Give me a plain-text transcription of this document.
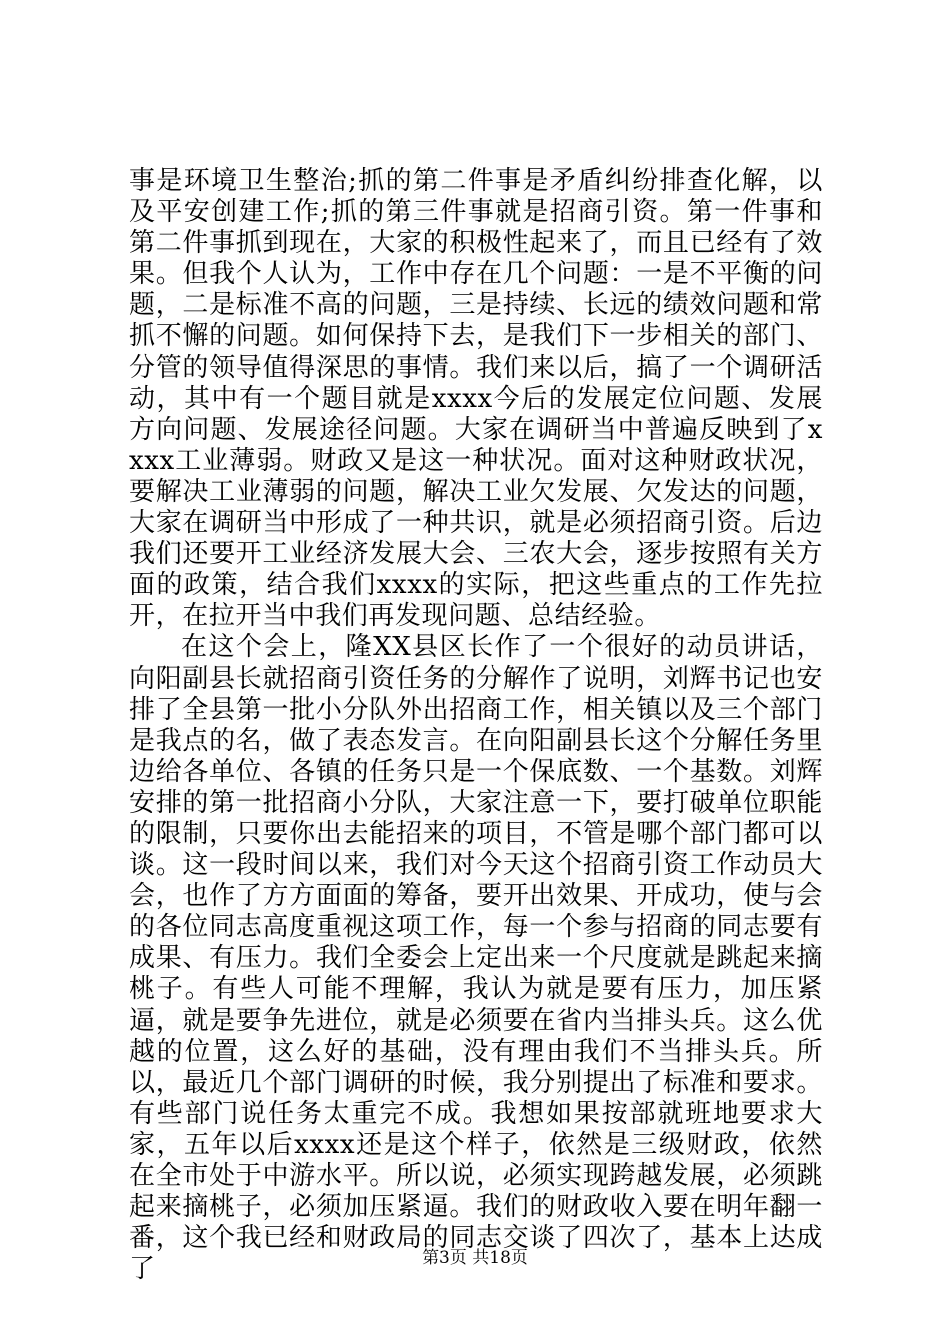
事是环境卫生整治;抓的第二件事是矛盾纠纷排查化解，以及平安创建工作;抓的第三件事就是招商引资。第一件事和第二件事抓到现在，大家的积极性起来了，而且已经有了效果。但我个人认为，工作中存在几个问题：一是不平衡的问题，二是标准不高的问题，三是持续、长远的绩效问题和常抓不懈的问题。如何保持下去，是我们下一步相关的部门、分管的领导值得深思的事情。我们来以后，搞了一个调研活动，其中有一个题目就是xxxx今后的发展定位问题、发展方向问题、发展途径问题。大家在调研当中普遍反映到了xxxx工业薄弱。财政又是这一种状况。面对这种财政状况，要解决工业薄弱的问题，解决工业欠发展、欠发达的问题，大家在调研当中形成了一种共识，就是必须招商引资。后边我们还要开工业经济发展大会、三农大会，逐步按照有关方面的政策，结合我们xxxx的实际，把这些重点的工作先拉开，在拉开当中我们再发现问题、总结经验。

在这个会上，隆XX县区长作了一个很好的动员讲话，向阳副县长就招商引资任务的分解作了说明，刘辉书记也安排了全县第一批小分队外出招商工作，相关镇以及三个部门是我点的名，做了表态发言。在向阳副县长这个分解任务里边给各单位、各镇的任务只是一个保底数、一个基数。刘辉安排的第一批招商小分队，大家注意一下，要打破单位职能的限制，只要你出去能招来的项目，不管是哪个部门都可以谈。这一段时间以来，我们对今天这个招商引资工作动员大会，也作了方方面面的筹备，要开出效果、开成功，使与会的各位同志高度重视这项工作，每一个参与招商的同志要有成果、有压力。我们全委会上定出来一个尺度就是跳起来摘桃子。有些人可能不理解，我认为就是要有压力，加压紧逼，就是要争先进位，就是必须要在省内当排头兵。这么优越的位置，这么好的基础，没有理由我们不当排头兵。所以，最近几个部门调研的时候，我分别提出了标准和要求。有些部门说任务太重完不成。我想如果按部就班地要求大家，五年以后xxxx还是这个样子，依然是三级财政，依然在全市处于中游水平。所以说，必须实现跨越发展，必须跳起来摘桃子，必须加压紧逼。我们的财政收入要在明年翻一番，这个我已经和财政局的同志交谈了四次了，基本上达成了	第3页 共18页
